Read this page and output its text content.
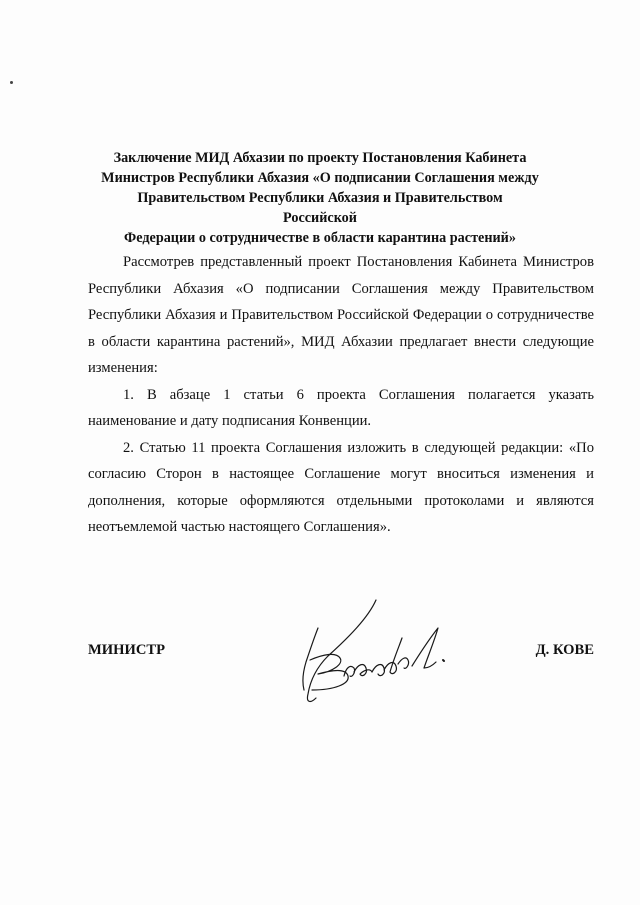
Заключение МИД Абхазии по проекту Постановления Кабинета
Министров Республики Абхазия «О подписании Соглашения между
Правительством Республики Абхазия и Правительством Российской
Федерации о сотрудничестве в области карантина растений»

Рассмотрев представленный проект Постановления Кабинета Министров Республики Абхазия «О подписании Соглашения между Правительством Республики Абхазия и Правительством Российской Федерации о сотрудничестве в области карантина растений», МИД Абхазии предлагает внести следующие изменения:

1. В абзаце 1 статьи 6 проекта Соглашения полагается указать наименование и дату подписания Конвенции.

2. Статью 11 проекта Соглашения изложить в следующей редакции: «По согласию Сторон в настоящее Соглашение могут вноситься изменения и дополнения, которые оформляются отдельными протоколами и являются неотъемлемой частью настоящего Соглашения».

МИНИСТР	Д. КОВЕ
